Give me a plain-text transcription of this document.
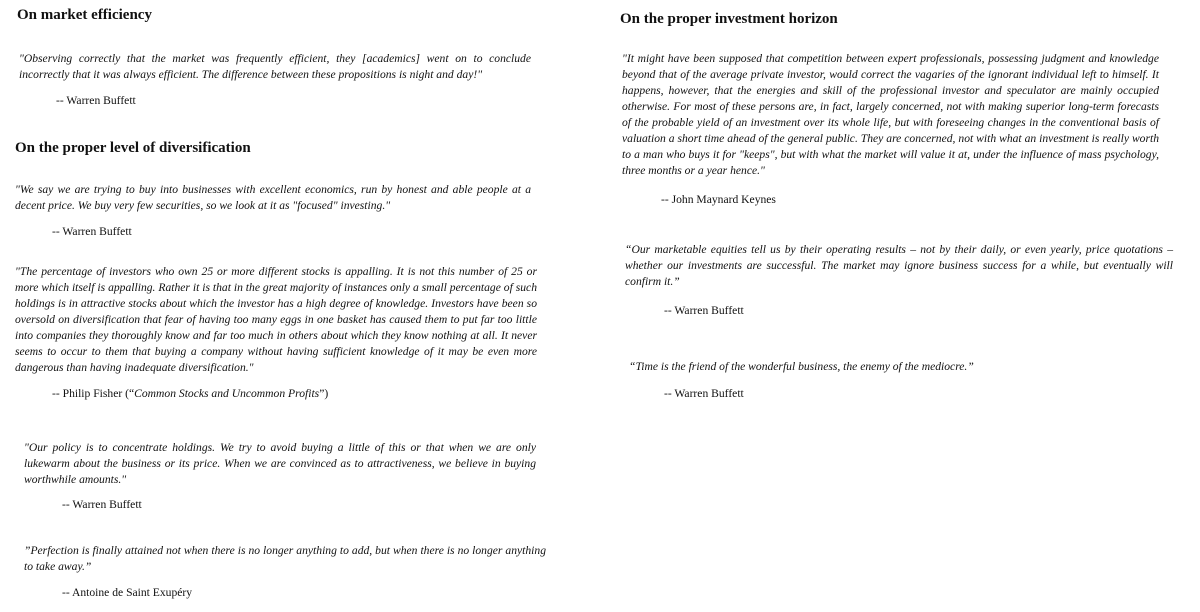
On market efficiency

"Observing correctly that the market was frequently efficient, they [academics] went on to conclude incorrectly that it was always efficient. The difference between these propositions is night and day!"

-- Warren Buffett
On the proper level of diversification

"We say we are trying to buy into businesses with excellent economics, run by honest and able people at a decent price. We buy very few securities, so we look at it as "focused" investing."

-- Warren Buffett

"The percentage of investors who own 25 or more different stocks is appalling. It is not this number of 25 or more which itself is appalling. Rather it is that in the great majority of instances only a small percentage of such holdings is in attractive stocks about which the investor has a high degree of knowledge. Investors have been so oversold on diversification that fear of having too many eggs in one basket has caused them to put far too little into companies they thoroughly know and far too much in others about which they know nothing at all. It never seems to occur to them that buying a company without having sufficient knowledge of it may be even more dangerous than having inadequate diversification."

-- Philip Fisher (“Common Stocks and Uncommon Profits”)

"Our policy is to concentrate holdings. We try to avoid buying a little of this or that when we are only lukewarm about the business or its price. When we are convinced as to attractiveness, we believe in buying worthwhile amounts."

-- Warren Buffett

”Perfection is finally attained not when there is no longer anything to add, but when there is no longer anything to take away.”

-- Antoine de Saint Exupéry
On the proper investment horizon

"It might have been supposed that competition between expert professionals, possessing judgment and knowledge beyond that of the average private investor, would correct the vagaries of the ignorant individual left to himself. It happens, however, that the energies and skill of the professional investor and speculator are mainly occupied otherwise. For most of these persons are, in fact, largely concerned, not with making superior long-term forecasts of the probable yield of an investment over its whole life, but with foreseeing changes in the conventional basis of valuation a short time ahead of the general public. They are concerned, not with what an investment is really worth to a man who buys it for "keeps", but with what the market will value it at, under the influence of mass psychology, three months or a year hence."

-- John Maynard Keynes

“Our marketable equities tell us by their operating results – not by their daily, or even yearly, price quotations – whether our investments are successful. The market may ignore business success for a while, but eventually will confirm it.”

-- Warren Buffett

“Time is the friend of the wonderful business, the enemy of the mediocre.”

-- Warren Buffett
